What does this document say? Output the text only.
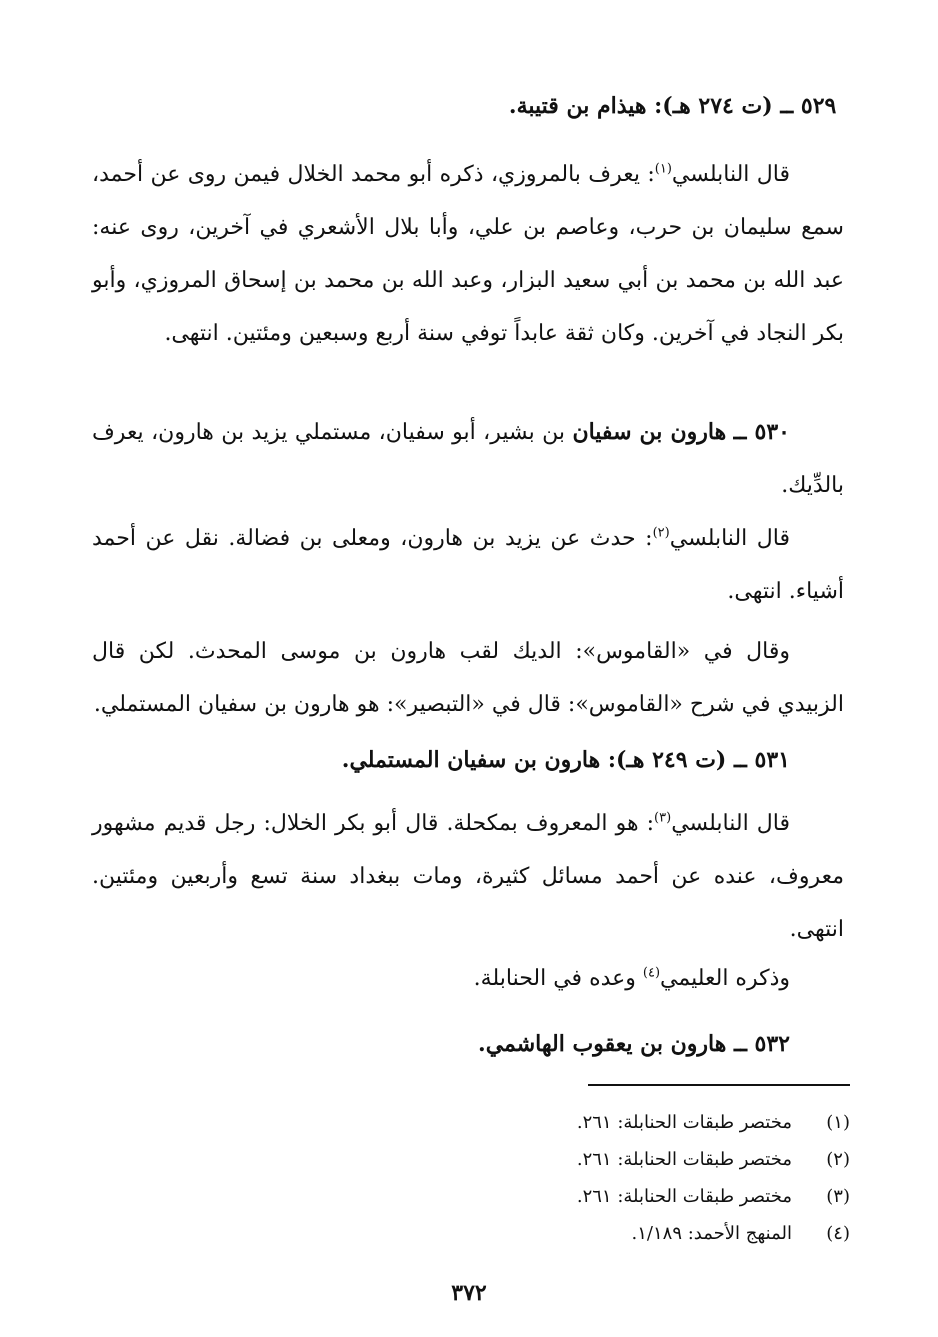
٥٢٩ ــ (ت ٢٧٤ هـ): هيذام بن قتيبة.
قال النابلسي$^{(١)}$: يعرف بالمروزي، ذكره أبو محمد الخلال فيمن روى عن أحمد، سمع سليمان بن حرب، وعاصم بن علي، وأبا بلال الأشعري في آخرين، روى عنه: عبد الله بن محمد بن أبي سعيد البزار، وعبد الله بن محمد بن إسحاق المروزي، وأبو بكر النجاد في آخرين. وكان ثقة عابداً توفي سنة أربع وسبعين ومئتين. انتهى.
٥٣٠ ــ هارون بن سفيان بن بشير، أبو سفيان، مستملي يزيد بن هارون، يعرف بالدِّيك.
قال النابلسي$^{(٢)}$: حدث عن يزيد بن هارون، ومعلى بن فضالة. نقل عن أحمد أشياء. انتهى.
وقال في «القاموس»: الديك لقب هارون بن موسى المحدث. لكن قال الزبيدي في شرح «القاموس»: قال في «التبصير»: هو هارون بن سفيان المستملي.
٥٣١ ــ (ت ٢٤٩ هـ): هارون بن سفيان المستملي.
قال النابلسي$^{(٣)}$: هو المعروف بمكحلة. قال أبو بكر الخلال: رجل قديم مشهور معروف، عنده عن أحمد مسائل كثيرة، ومات ببغداد سنة تسع وأربعين ومئتين. انتهى.
وذكره العليمي$^{(٤)}$ وعده في الحنابلة.
٥٣٢ ــ هارون بن يعقوب الهاشمي.
(١)
مختصر طبقات الحنابلة: ٢٦١.
(٢)
مختصر طبقات الحنابلة: ٢٦١.
(٣)
مختصر طبقات الحنابلة: ٢٦١.
(٤)
المنهج الأحمد: ١/١٨٩.
٣٧٢
